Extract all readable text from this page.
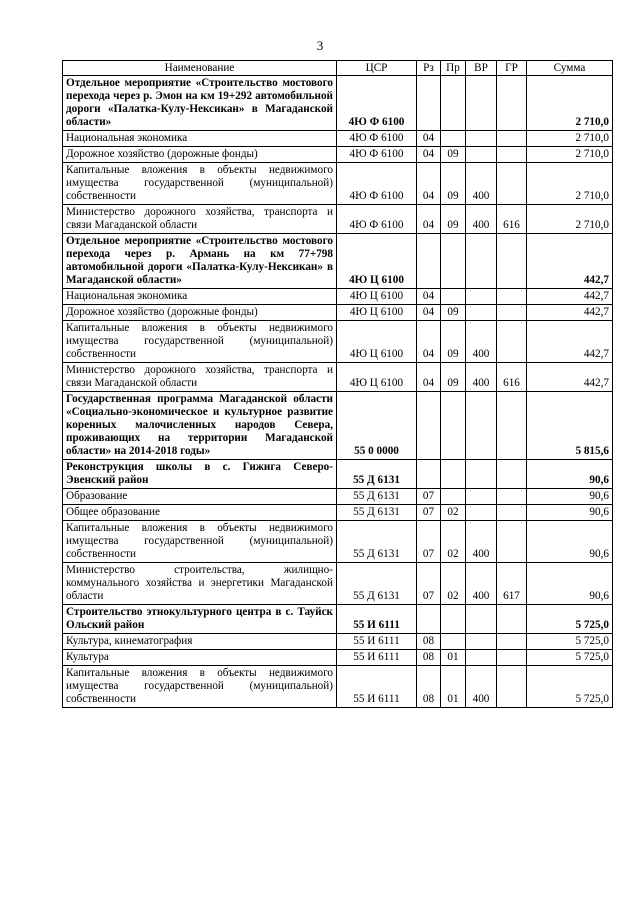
3
Наименование	ЦСР	Рз	Пр	ВР	ГР	Сумма
Отдельное мероприятие «Строительство мостового перехода через р. Эмон на км 19+292 автомобильной дороги «Палатка-Кулу-Нексикан» в Магаданской области»	4Ю Ф 6100					2 710,0
Национальная экономика	4Ю Ф 6100	04				2 710,0
Дорожное хозяйство (дорожные фонды)	4Ю Ф 6100	04	09			2 710,0
Капитальные вложения в объекты недвижимого имущества государственной (муниципальной) собственности	4Ю Ф 6100	04	09	400		2 710,0
Министерство дорожного хозяйства, транспорта и связи Магаданской области	4Ю Ф 6100	04	09	400	616	2 710,0
Отдельное мероприятие «Строительство мостового перехода через р. Армань на км 77+798 автомобильной дороги «Палатка-Кулу-Нексикан» в Магаданской области»	4Ю Ц 6100					442,7
Национальная экономика	4Ю Ц 6100	04				442,7
Дорожное хозяйство (дорожные фонды)	4Ю Ц 6100	04	09			442,7
Капитальные вложения в объекты недвижимого имущества государственной (муниципальной) собственности	4Ю Ц 6100	04	09	400		442,7
Министерство дорожного хозяйства, транспорта и связи Магаданской области	4Ю Ц 6100	04	09	400	616	442,7
Государственная программа Магаданской области «Социально-экономическое и культурное развитие коренных малочисленных народов Севера, проживающих на территории Магаданской области» на 2014-2018 годы»	55 0 0000					5 815,6
Реконструкция школы в с. Гижига Северо-Эвенский район	55 Д 6131					90,6
Образование	55 Д 6131	07				90,6
Общее образование	55 Д 6131	07	02			90,6
Капитальные вложения в объекты недвижимого имущества государственной (муниципальной) собственности	55 Д 6131	07	02	400		90,6
Министерство строительства, жилищно-коммунального хозяйства и энергетики Магаданской области	55 Д 6131	07	02	400	617	90,6
Строительство этнокультурного центра в с. Тауйск Ольский район	55 И 6111					5 725,0
Культура, кинематография	55 И 6111	08				5 725,0
Культура	55 И 6111	08	01			5 725,0
Капитальные вложения в объекты недвижимого имущества государственной (муниципальной) собственности	55 И 6111	08	01	400		5 725,0
